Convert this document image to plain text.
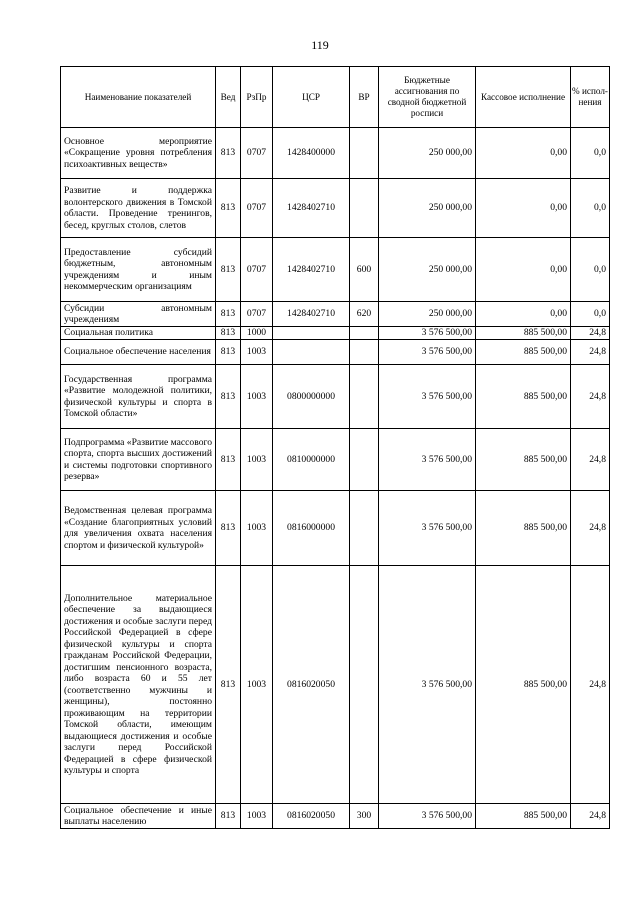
119
Наименование показателей	Вед	РзПр	ЦСР	ВР	Бюджетные ассигнования по сводной бюджетной росписи	Кассовое исполнение	% испол-нения
Основное мероприятие «Сокращение уровня потребления психоактивных веществ»	813	0707	1428400000		250 000,00	0,00	0,0
Развитие и поддержка волонтерского движения в Томской области. Проведение тренингов, бесед, круглых столов, слетов	813	0707	1428402710		250 000,00	0,00	0,0
Предоставление субсидий бюджетным, автономным учреждениям и иным некоммерческим организациям	813	0707	1428402710	600	250 000,00	0,00	0,0
Субсидии автономным учреждениям	813	0707	1428402710	620	250 000,00	0,00	0,0
Социальная политика	813	1000			3 576 500,00	885 500,00	24,8
Социальное обеспечение населения	813	1003			3 576 500,00	885 500,00	24,8
Государственная программа «Развитие молодежной политики, физической культуры и спорта в Томской области»	813	1003	0800000000		3 576 500,00	885 500,00	24,8
Подпрограмма «Развитие массового спорта, спорта высших достижений и системы подготовки спортивного резерва»	813	1003	0810000000		3 576 500,00	885 500,00	24,8
Ведомственная целевая программа «Создание благоприятных условий для увеличения охвата населения спортом и физической культурой»	813	1003	0816000000		3 576 500,00	885 500,00	24,8
Дополнительное материальное обеспечение за выдающиеся достижения и особые заслуги перед Российской Федерацией в сфере физической культуры и спорта гражданам Российской Федерации, достигшим пенсионного возраста, либо возраста 60 и 55 лет (соответственно мужчины и женщины), постоянно проживающим на территории Томской области, имеющим выдающиеся достижения и особые заслуги перед Российской Федерацией в сфере физической культуры и спорта	813	1003	0816020050		3 576 500,00	885 500,00	24,8
Социальное обеспечение и иные выплаты населению	813	1003	0816020050	300	3 576 500,00	885 500,00	24,8
